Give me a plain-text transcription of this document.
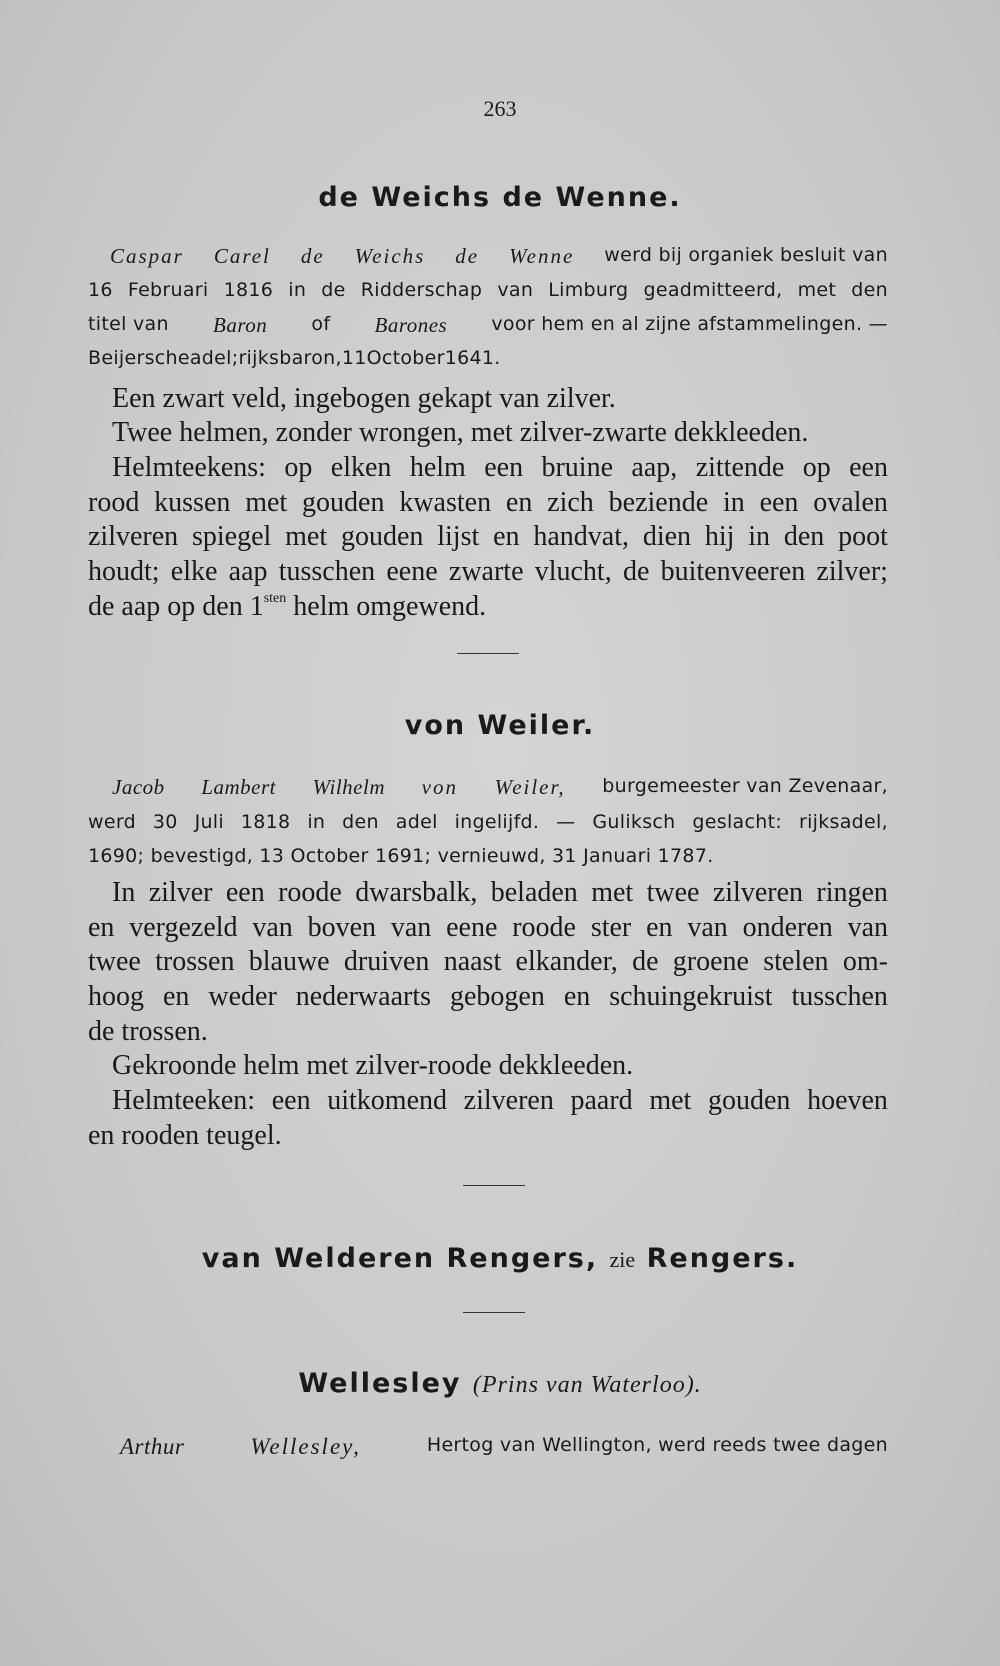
263
de Weichs de Wenne.
Caspar Carel de Weichs de Wenne werd bij organiek besluit van
16 Februari 1816 in de Ridderschap van Limburg geadmitteerd, met den
titel van Baron of Barones voor hem en al zijne afstammelingen. —
Beijersche adel; rijksbaron, 11 October 1641.
Een zwart veld, ingebogen gekapt van zilver.
Twee helmen, zonder wrongen, met zilver-zwarte dekkleeden.
Helmteekens: op elken helm een bruine aap, zittende op een
rood kussen met gouden kwasten en zich beziende in een ovalen
zilveren spiegel met gouden lijst en handvat, dien hij in den poot
houdt; elke aap tusschen eene zwarte vlucht, de buitenveeren zilver;
de aap op den 1 sten helm omgewend.
von Weiler.
Jacob Lambert Wilhelm von Weiler, burgemeester van Zevenaar,
werd 30 Juli 1818 in den adel ingelijfd. — Guliksch geslacht: rijksadel,
1690; bevestigd, 13 October 1691; vernieuwd, 31 Januari 1787.
In zilver een roode dwarsbalk, beladen met twee zilveren ringen
en vergezeld van boven van eene roode ster en van onderen van
twee trossen blauwe druiven naast elkander, de groene stelen om-
hoog en weder nederwaarts gebogen en schuingekruist tusschen
de trossen.
Gekroonde helm met zilver-roode dekkleeden.
Helmteeken: een uitkomend zilveren paard met gouden hoeven
en rooden teugel.
van Welderen Rengers, zie Rengers.
Wellesley (Prins van Waterloo).
Arthur	Wellesley,	Hertog van Wellington, werd reeds twee dagen
